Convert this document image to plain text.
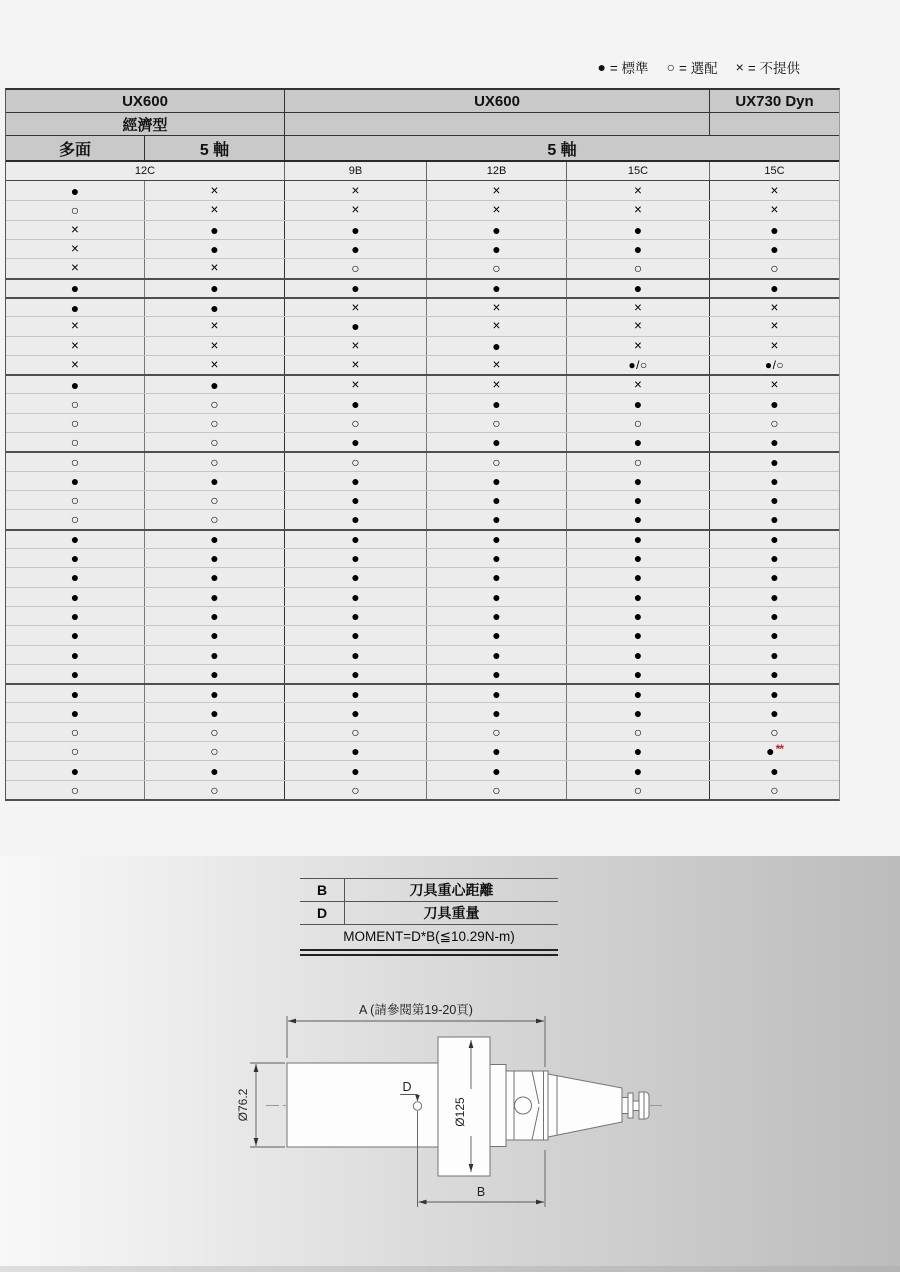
● = 標準 ○ = 選配 × = 不提供
UX600	UX600	UX730 Dyn
經濟型
多面	5 軸	5 軸
12C	9B	12B	15C	15C
●	×	×	×	×	×
○	×	×	×	×	×
×	●	●	●	●	●
×	●	●	●	●	●
×	×	○	○	○	○
●	●	●	●	●	●
●	●	×	×	×	×
×	×	●	×	×	×
×	×	×	●	×	×
×	×	×	×	●/○	●/○
●	●	×	×	×	×
○	○	●	●	●	●
○	○	○	○	○	○
○	○	●	●	●	●
○	○	○	○	○	●
●	●	●	●	●	●
○	○	●	●	●	●
○	○	●	●	●	●
●	●	●	●	●	●
●	●	●	●	●	●
●	●	●	●	●	●
●	●	●	●	●	●
●	●	●	●	●	●
●	●	●	●	●	●
●	●	●	●	●	●
●	●	●	●	●	●
●	●	●	●	●	●
●	●	●	●	●	●
○	○	○	○	○	○
○	○	●	●	●	● **
●	●	●	●	●	●
○	○	○	○	○	○
B	刀具重心距離
D	刀具重量
MOMENT=D*B(≦10.29N-m)
A (請參閱第19-20頁)
Ø76.2	Ø125
D
B
